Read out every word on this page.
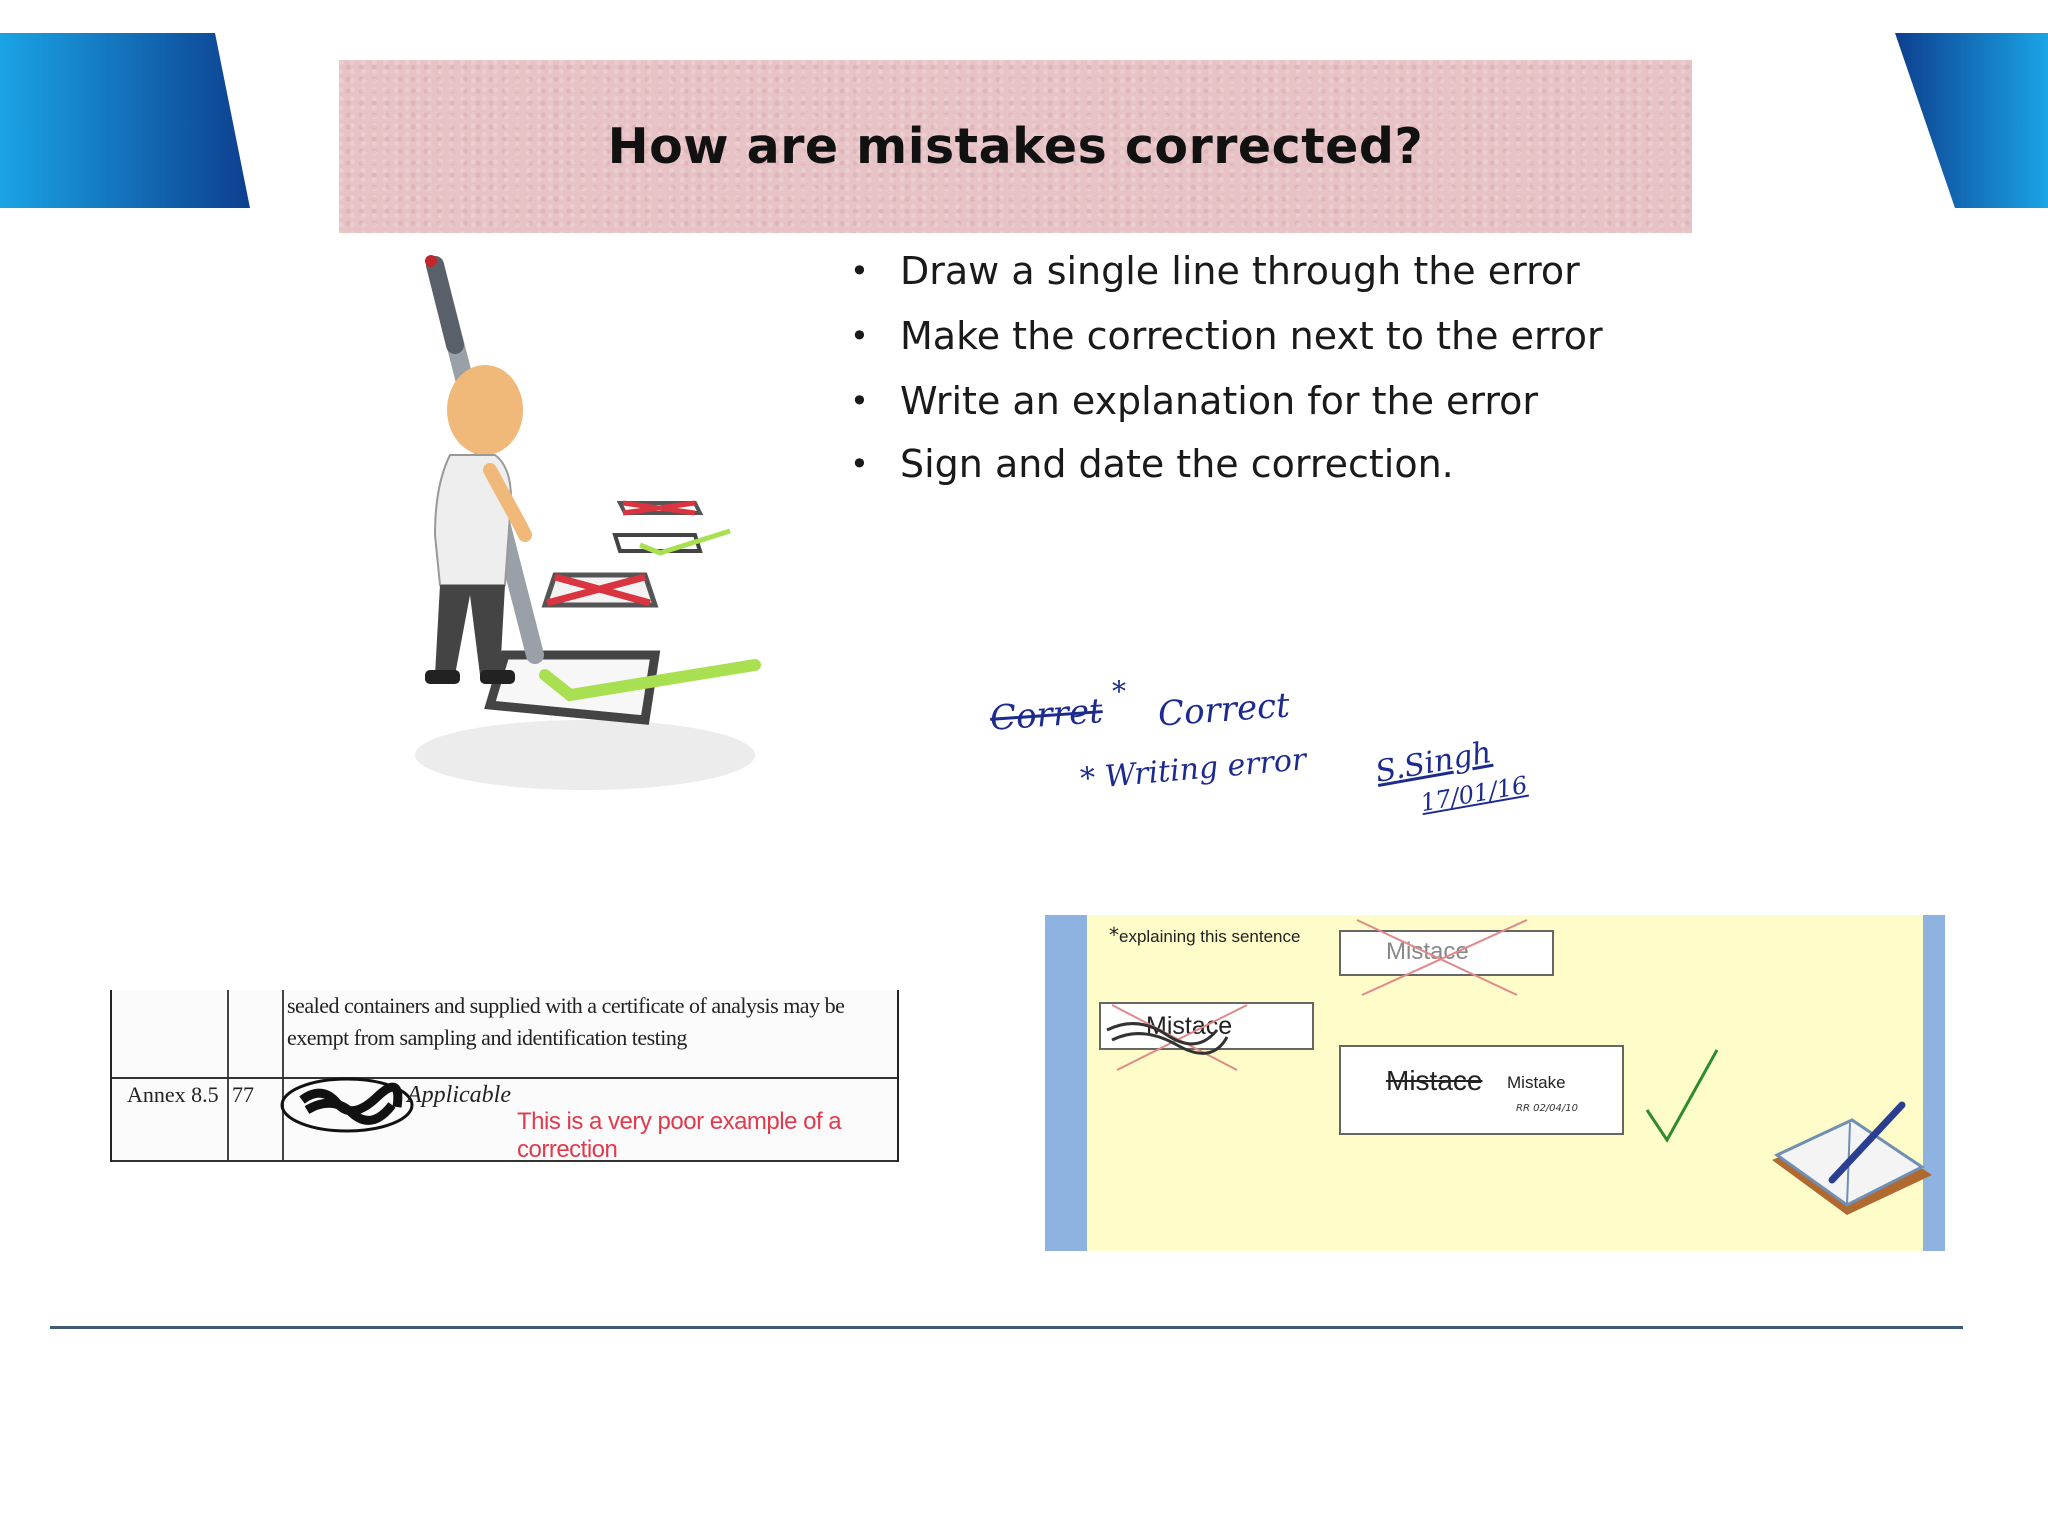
How are mistakes corrected?
• Draw a single line through the error
• Make the correction next to the error
• Write an explanation for the error
• Sign and date the correction.
Corret * Correct
* Writing error S.Singh
17/01/16
sealed containers and supplied with a certificate of analysis may be exempt from sampling and identification testing
Annex 8.5 77	Applicable
This is a very poor example of a correction
* explaining this sentence
Mistace
Mistace
Mistace Mistake
RR 02/04/10
